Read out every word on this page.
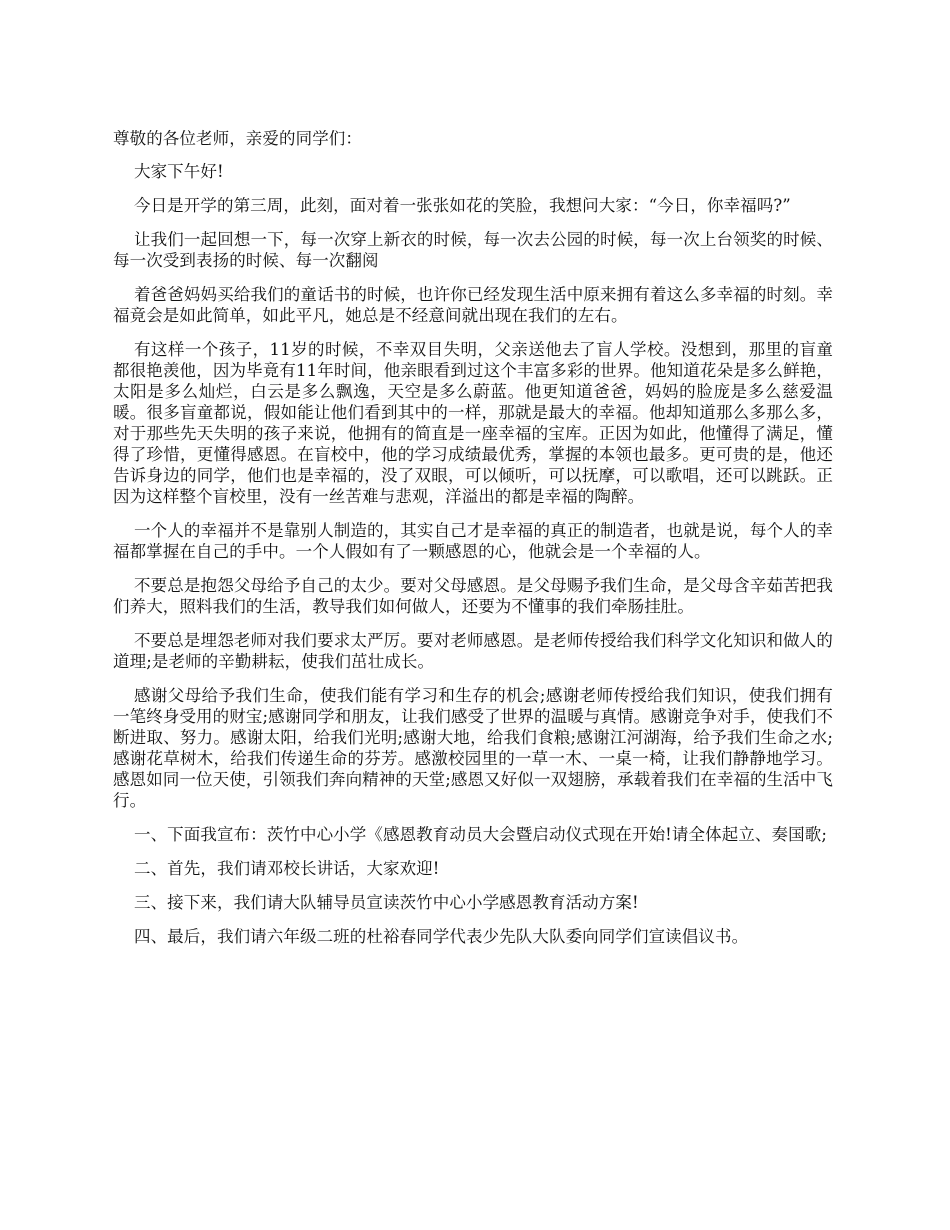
尊敬的各位老师，亲爱的同学们：

大家下午好!

今日是开学的第三周，此刻，面对着一张张如花的笑脸，我想问大家：“今日，你幸福吗?”

让我们一起回想一下，每一次穿上新衣的时候，每一次去公园的时候，每一次上台领奖的时候、每一次受到表扬的时候、每一次翻阅

着爸爸妈妈买给我们的童话书的时候，也许你已经发现生活中原来拥有着这么多幸福的时刻。幸福竟会是如此简单，如此平凡，她总是不经意间就出现在我们的左右。

有这样一个孩子，11岁的时候，不幸双目失明，父亲送他去了盲人学校。没想到，那里的盲童都很艳羡他，因为毕竟有11年时间，他亲眼看到过这个丰富多彩的世界。他知道花朵是多么鲜艳，太阳是多么灿烂，白云是多么飘逸，天空是多么蔚蓝。他更知道爸爸，妈妈的脸庞是多么慈爱温暖。很多盲童都说，假如能让他们看到其中的一样，那就是最大的幸福。他却知道那么多那么多，对于那些先天失明的孩子来说，他拥有的简直是一座幸福的宝库。正因为如此，他懂得了满足，懂得了珍惜，更懂得感恩。在盲校中，他的学习成绩最优秀，掌握的本领也最多。更可贵的是，他还告诉身边的同学，他们也是幸福的，没了双眼，可以倾听，可以抚摩，可以歌唱，还可以跳跃。正因为这样整个盲校里，没有一丝苦难与悲观，洋溢出的都是幸福的陶醉。

一个人的幸福并不是靠别人制造的，其实自己才是幸福的真正的制造者，也就是说，每个人的幸福都掌握在自己的手中。一个人假如有了一颗感恩的心，他就会是一个幸福的人。

不要总是抱怨父母给予自己的太少。要对父母感恩。是父母赐予我们生命，是父母含辛茹苦把我们养大，照料我们的生活，教导我们如何做人，还要为不懂事的我们牵肠挂肚。

不要总是埋怨老师对我们要求太严厉。要对老师感恩。是老师传授给我们科学文化知识和做人的道理;是老师的辛勤耕耘，使我们茁壮成长。

感谢父母给予我们生命，使我们能有学习和生存的机会;感谢老师传授给我们知识，使我们拥有一笔终身受用的财宝;感谢同学和朋友，让我们感受了世界的温暖与真情。感谢竞争对手，使我们不断进取、努力。感谢太阳，给我们光明;感谢大地，给我们食粮;感谢江河湖海，给予我们生命之水;感谢花草树木，给我们传递生命的芬芳。感激校园里的一草一木、一桌一椅，让我们静静地学习。感恩如同一位天使，引领我们奔向精神的天堂;感恩又好似一双翅膀，承载着我们在幸福的生活中飞行。

一、下面我宣布：茨竹中心小学《感恩教育动员大会暨启动仪式现在开始!请全体起立、奏国歌;

二、首先，我们请邓校长讲话，大家欢迎!

三、接下来，我们请大队辅导员宣读茨竹中心小学感恩教育活动方案!

四、最后，我们请六年级二班的杜裕春同学代表少先队大队委向同学们宣读倡议书。
